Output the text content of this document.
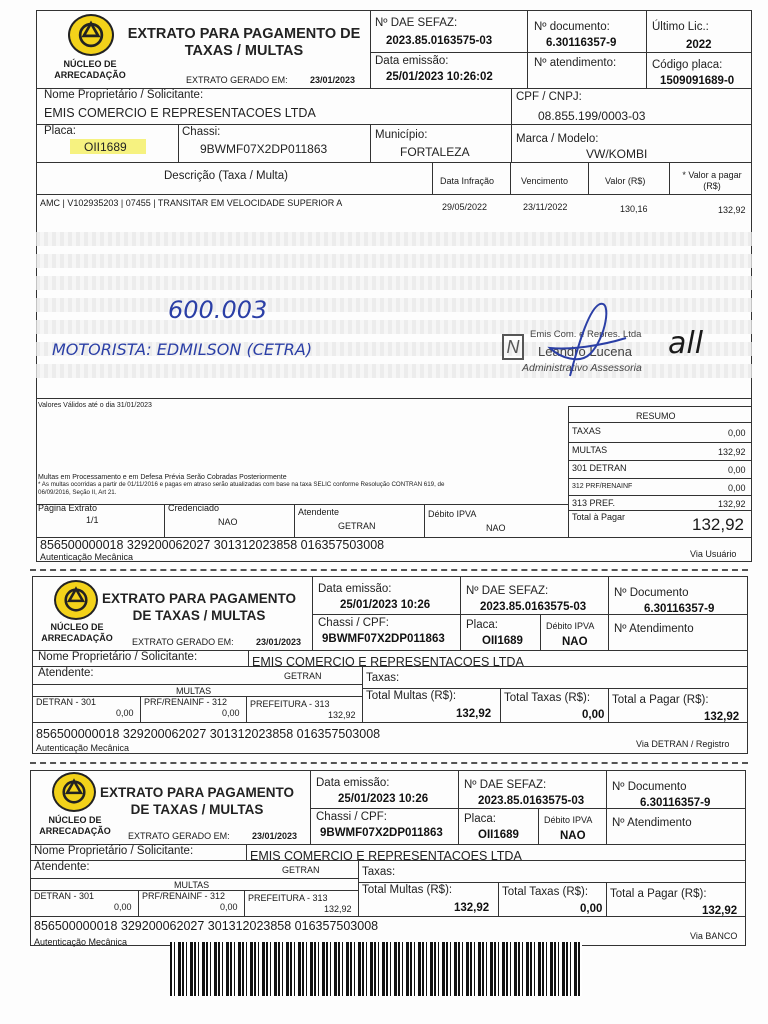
NÚCLEO DE ARRECADAÇÃO
EXTRATO PARA PAGAMENTO DE TAXAS / MULTAS
EXTRATO GERADO EM: 23/01/2023
Nº DAE SEFAZ:
2023.85.0163575-03
Nº documento:
6.30116357-9
Último Lic.:
2022
Data emissão:
25/01/2023 10:26:02
Nº atendimento:	Código placa:
1509091689-0
Nome Proprietário / Solicitante:
EMIS COMERCIO E REPRESENTACOES LTDA
CPF / CNPJ:
08.855.199/0003-03
Placa:
OII1689
Chassi:
9BWMF07X2DP011863
Município:
FORTALEZA
Marca / Modelo:
VW/KOMBI
Descrição (Taxa / Multa)	Data Infração	Vencimento	Valor (R$)
* Valor a pagar (R$)
AMC | V102935203 | 07455 | TRANSITAR EM VELOCIDADE SUPERIOR A	29/05/2022	23/11/2022	130,16	132,92
600.003
MOTORISTA: EDMILSON (CETRA)	all
N
Emis Com. e Repres. Ltda
Leandro Lucena
Administrativo Assessoria
Valores Válidos até o dia 31/01/2023
Multas em Processamento e em Defesa Prévia Serão Cobradas Posteriormente
* As multas ocorridas a partir de 01/11/2016 e pagas em atraso serão atualizadas com base na taxa SELIC conforme Resolução CONTRAN 619, de
06/09/2016, Seção II, Art 21.
RESUMO
TAXAS	0,00
MULTAS	132,92
301 DETRAN	0,00
312 PRF/RENAINF	0,00
313 PREF.	132,92
Total à Pagar	132,92
Página Extrato
1/1
Credenciado
NAO
Atendente
GETRAN
Débito IPVA
NAO
856500000018 329200062027 301312023858 016357503008
Autenticação Mecânica	Via Usuário
NÚCLEO DE ARRECADAÇÃO
EXTRATO PARA PAGAMENTO DE TAXAS / MULTAS
EXTRATO GERADO EM: 23/01/2023
Data emissão:
25/01/2023 10:26
Nº DAE SEFAZ:
2023.85.0163575-03
Nº Documento
6.30116357-9
Chassi / CPF:
9BWMF07X2DP011863
Placa:
OII1689
Débito IPVA
NAO
Nº Atendimento
Nome Proprietário / Solicitante:	EMIS COMERCIO E REPRESENTACOES LTDA
Atendente:	GETRAN	Taxas:
MULTAS
DETRAN - 301
0,00
PRF/RENAINF - 312
0,00
PREFEITURA - 313
132,92
Total Multas (R$):
132,92
Total Taxas (R$):
0,00
Total a Pagar (R$):
132,92
856500000018 329200062027 301312023858 016357503008
Autenticação Mecânica	Via DETRAN / Registro
NÚCLEO DE ARRECADAÇÃO
EXTRATO PARA PAGAMENTO DE TAXAS / MULTAS
EXTRATO GERADO EM: 23/01/2023
Data emissão:
25/01/2023 10:26
Nº DAE SEFAZ:
2023.85.0163575-03
Nº Documento
6.30116357-9
Chassi / CPF:
9BWMF07X2DP011863
Placa:
OII1689
Débito IPVA
NAO
Nº Atendimento
Nome Proprietário / Solicitante:	EMIS COMERCIO E REPRESENTACOES LTDA
Atendente:	GETRAN	Taxas:
MULTAS
DETRAN - 301
0,00
PRF/RENAINF - 312
0,00
PREFEITURA - 313
132,92
Total Multas (R$):
132,92
Total Taxas (R$):
0,00
Total a Pagar (R$):
132,92
856500000018 329200062027 301312023858 016357503008
Autenticação Mecânica
Via BANCO
